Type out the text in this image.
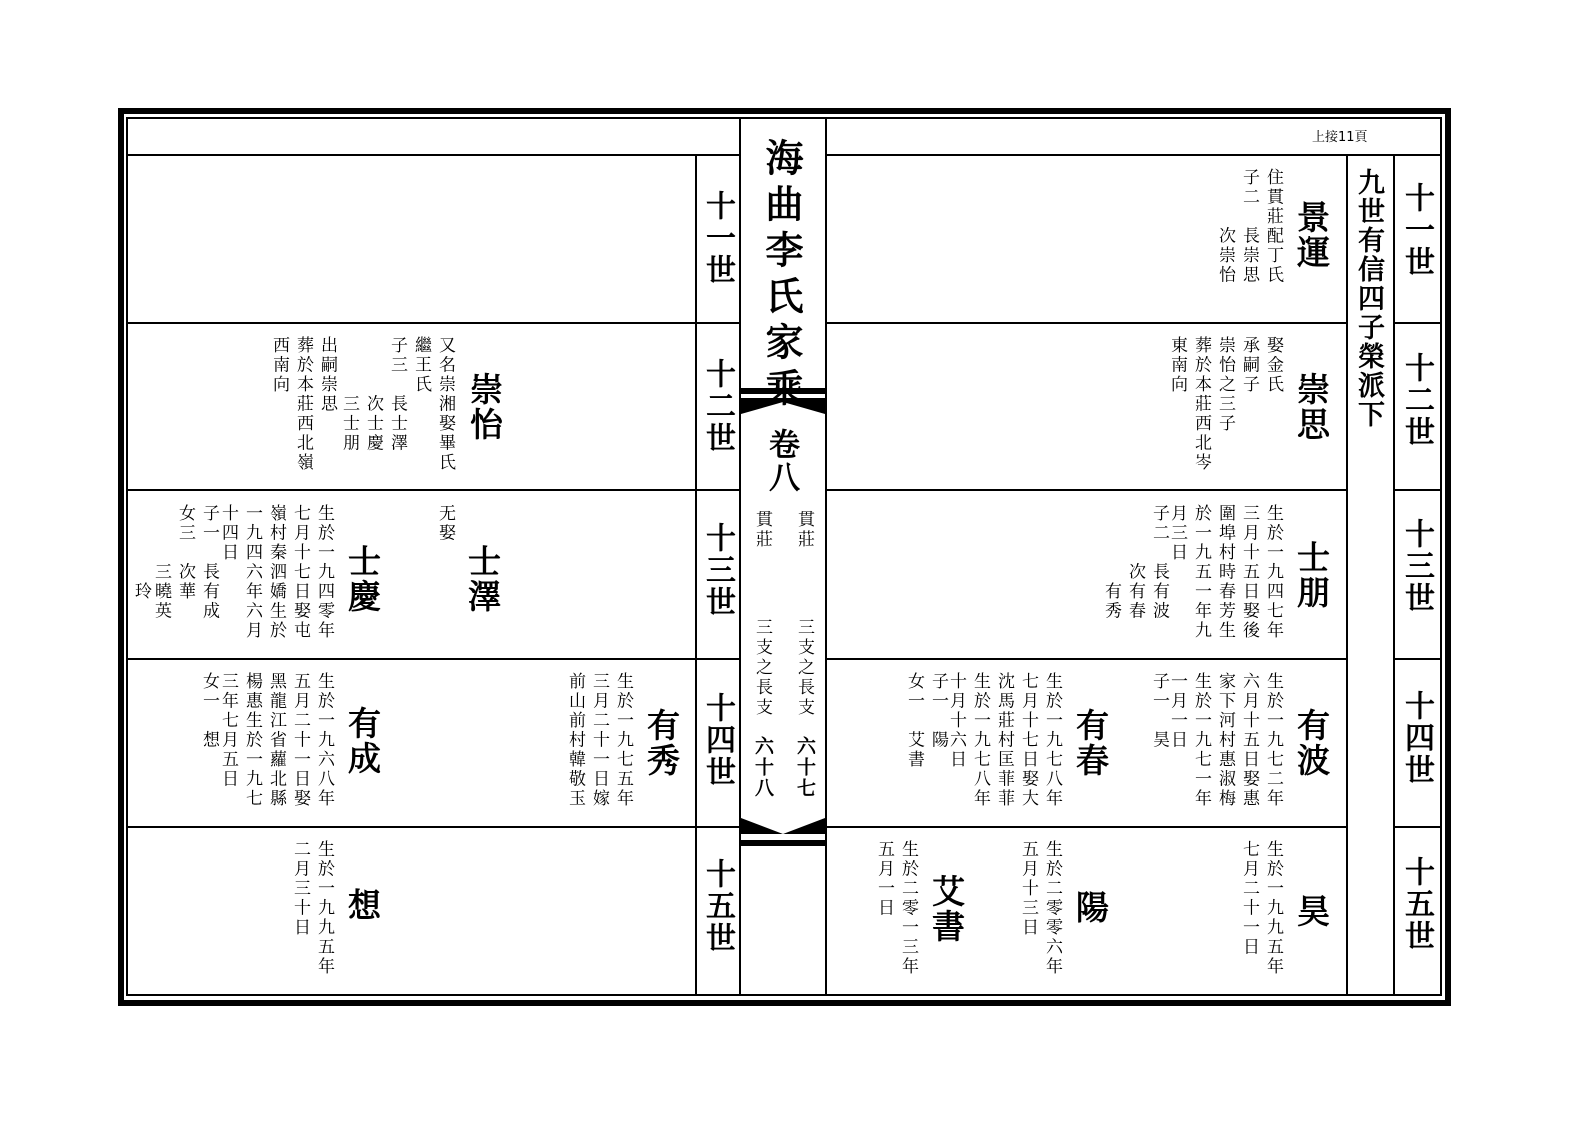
上接11頁
海曲李氏家乘
卷八
貫莊
貫莊
三支之長支
三支之長支
六十七
六十八
九世有信四子榮派下 十一世
十二世
十三世
十四世
十五世
十一世
十二世
十三世
十四世
十五世
景運
住貫莊配丁氏
子二　長崇思
　　　次崇怡
崇思
娶金氏
承嗣子
崇怡之三子
葬於本莊西北岑
東南向
士朋
生於一九四七年
三月十五日娶後
圍埠村時春芳生
於一九五一年九
月三日
子二　長有波
　　　次有春
　　　　有秀
有波
生於一九七二年
六月十五日娶惠
家下河村惠淑梅
生於一九七一年
一月一日
子一　昊
有春
生於一九七八年
七月十七日娶大
沈馬莊村匡菲菲
生於一九七八年
十月十六日
子一　陽
女一　艾書
昊
生於一九九五年
七月二十一日
陽
生於二零零六年
五月十三日
艾書
生於二零一三年
五月一日
崇怡
又名崇湘娶畢氏
繼王氏
子三　長士澤
　　　次士慶
　　　三士朋
出嗣崇思
葬於本莊西北嶺
西南向
士澤
无娶
士慶
生於一九四零年
七月十七日娶屯
嶺村秦泗嬌生於
一九四六年六月
十四日
子一　長有成
女三　次華
　　　三曉英
　　　　玲
有秀
生於一九七五年
三月二十一日嫁
前山前村韓敬玉
有成
生於一九六八年
五月二十一日娶
黑龍江省蘿北縣
楊惠生於一九七
三年七月五日
女一　想
想
生於一九九五年
二月三十日
